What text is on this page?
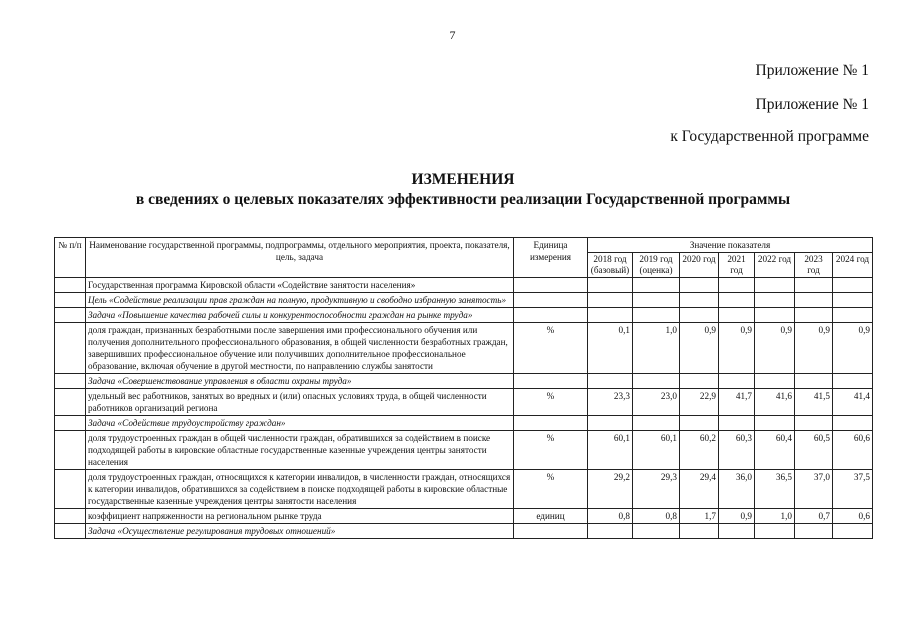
7
Приложение № 1
Приложение № 1
к Государственной программе
ИЗМЕНЕНИЯ
в сведениях о целевых показателях эффективности реализации Государственной программы
№ п/п	Наименование государственной программы, подпрограммы, отдельного мероприятия, проекта, показателя, цель, задача	Единица измерения	Значение показателя						
			2018 год (базовый)	2019 год (оценка)	2020 год	2021 год	2022 год	2023 год	2024 год
	Государственная программа Кировской области «Содействие занятости населения»								
	Цель «Содействие реализации прав граждан на полную, продуктивную и свободно избранную занятость»								
	Задача «Повышение качества рабочей силы и конкурентоспособности граждан на рынке труда»								
	доля граждан, признанных безработными после завершения ими профессионального обучения или получения дополнительного профессионального образования, в общей численности безработных граждан, завершивших профессиональное обучение или получивших дополнительное профессиональное образование, включая обучение в другой местности, по направлению службы занятости	%	0,1	1,0	0,9	0,9	0,9	0,9	0,9
	Задача «Совершенствование управления в области охраны труда»								
	удельный вес работников, занятых во вредных и (или) опасных условиях труда, в общей численности работников организаций региона	%	23,3	23,0	22,9	41,7	41,6	41,5	41,4
	Задача «Содействие трудоустройству граждан»								
	доля трудоустроенных граждан в общей численности граждан, обратившихся за содействием в поиске подходящей работы в кировские областные государственные казенные учреждения центры занятости населения	%	60,1	60,1	60,2	60,3	60,4	60,5	60,6
	доля трудоустроенных граждан, относящихся к категории инвалидов, в численности граждан, относящихся к категории инвалидов, обратившихся за содействием в поиске подходящей работы в кировские областные государственные казенные учреждения центры занятости населения	%	29,2	29,3	29,4	36,0	36,5	37,0	37,5
	коэффициент напряженности на региональном рынке труда	единиц	0,8	0,8	1,7	0,9	1,0	0,7	0,6
	Задача «Осуществление регулирования трудовых отношений»								
